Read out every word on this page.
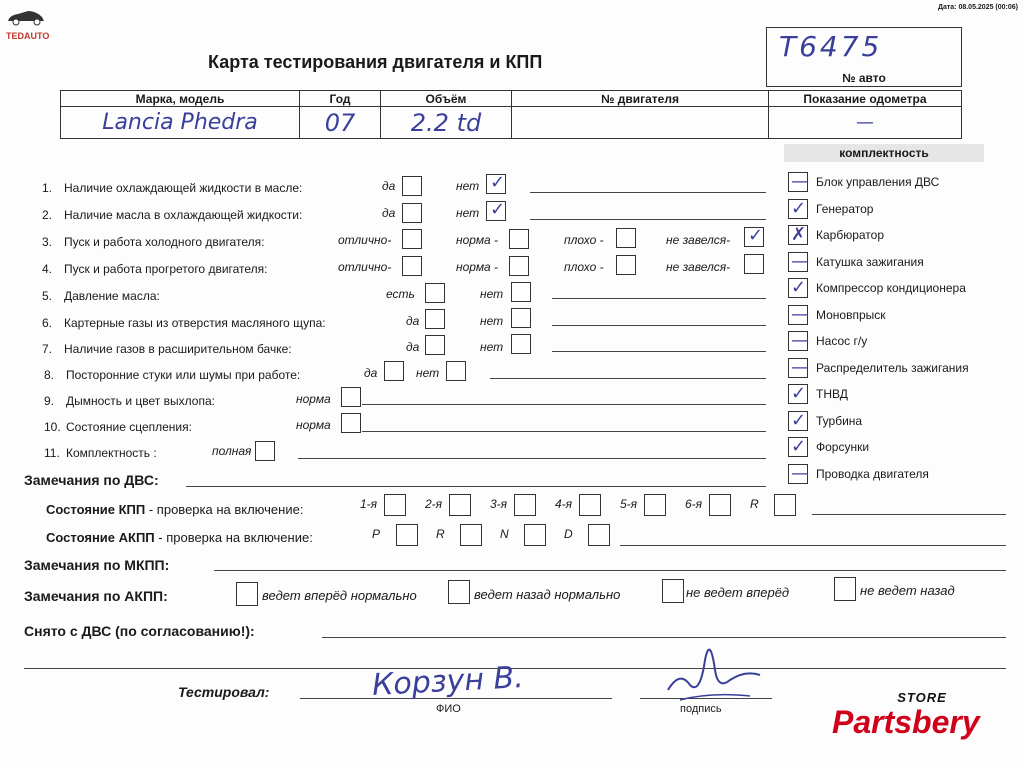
TEDAUTO
Дата: 08.05.2025 (00:06)
Карта тестирования двигателя и КПП	T6475
№ авто
Марка, модель	Год	Объём	№ двигателя	Показание одометра
Lancia Phedra	07	2.2 td		—
1. Наличие охлаждающей жидкости в масле:	да	нет ✓
2. Наличие масла в охлаждающей жидкости:	да	нет ✓
3. Пуск и работа холодного двигателя:	отлично-	норма -	плохо -	не завелся- ✓
4. Пуск и работа прогретого двигателя:	отлично-	норма -	плохо -	не завелся-
5. Давление масла:	есть	нет
6. Картерные газы из отверстия масляного щупа:	да	нет
7. Наличие газов в расширительном бачке:	да	нет
8. Посторонние стуки или шумы при работе:	да	нет
9. Дымность и цвет выхлопа:	норма
10. Состояние сцепления:	норма
11. Комплектность :	полная
комплектность
— Блок управления ДВС
✓ Генератор
✗ Карбюратор
— Катушка зажигания
✓ Компрессор кондиционера
— Моновпрыск
— Насос г/у
— Распределитель зажигания
✓ ТНВД
✓ Турбина
✓ Форсунки
— Проводка двигателя
Замечания по ДВС:
Состояние КПП - проверка на включение:	1-я	2-я	3-я	4-я	5-я	6-я	R
Состояние АКПП - проверка на включение:	P	R	N	D
Замечания по МКПП:
Замечания по АКПП:	ведет вперёд нормально	ведет назад нормально	не ведет вперёд	не ведет назад
Снято с ДВС (по согласованию!):
Тестировал:	Корзун В.
ФИО	подпись
STORE
Partsbery
